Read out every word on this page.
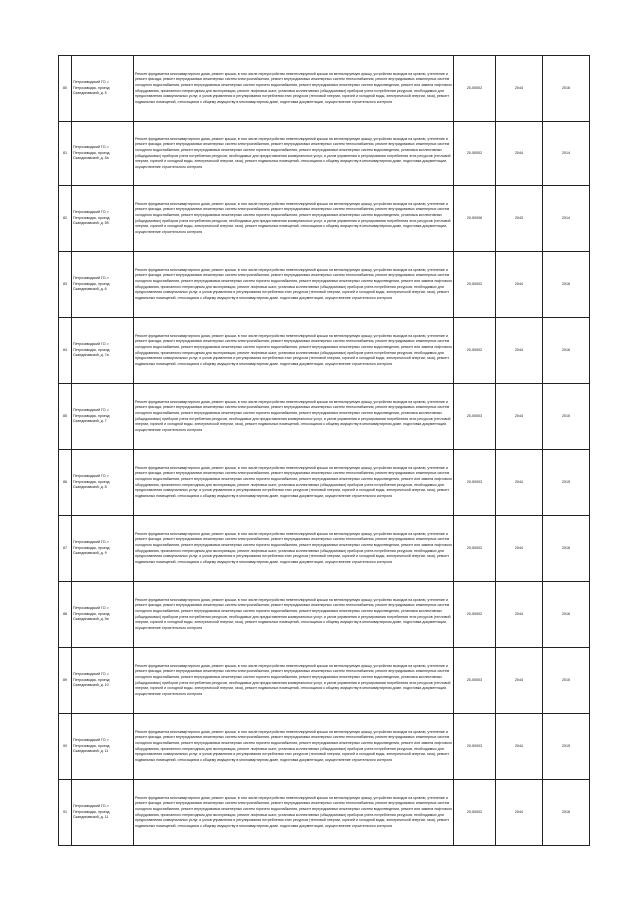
80	Петрозаводский ГО, г. Петрозаводск, проезд Скандинавский, д. 5	Ремонт фундамента многоквартирного дома, ремонт крыши, в том числе переустройство невентилируемой крыши на вентилируемую крышу, устройство выходов на кровлю, утепление и ремонт фасада, ремонт внутридомовых инженерных систем электроснабжения, ремонт внутридомовых инженерных систем теплоснабжения, ремонт внутридомовых инженерных систем холодного водоснабжения, ремонт внутридомовых инженерных систем горячего водоснабжения, ремонт внутридомовых инженерных систем водоотведения, ремонт или замена лифтового оборудования, признанного непригодным для эксплуатации, ремонт лифтовых шахт, установка коллективных (общедомовых) приборов учета потребления ресурсов, необходимых для предоставления коммунальных услуг, и узлов управления и регулирования потребления этих ресурсов (тепловой энергии, горячей и холодной воды, электрической энергии, газа), ремонт подвальных помещений, относящихся к общему имуществу в многоквартирном доме, подготовка документации, осуществление строительного контроля	20-50002	2044	2016
81	Петрозаводский ГО, г. Петрозаводск, проезд Скандинавский, д. 5а	Ремонт фундамента многоквартирного дома, ремонт крыши, в том числе переустройство невентилируемой крыши на вентилируемую крышу, устройство выходов на кровлю, утепление и ремонт фасада, ремонт внутридомовых инженерных систем электроснабжения, ремонт внутридомовых инженерных систем теплоснабжения, ремонт внутридомовых инженерных систем холодного водоснабжения, ремонт внутридомовых инженерных систем горячего водоснабжения, ремонт внутридомовых инженерных систем водоотведения, установка коллективных (общедомовых) приборов учета потребления ресурсов, необходимых для предоставления коммунальных услуг, и узлов управления и регулирования потребления этих ресурсов (тепловой энергии, горячей и холодной воды, электрической энергии, газа), ремонт подвальных помещений, относящихся к общему имуществу в многоквартирном доме, подготовка документации, осуществление строительного контроля	20-50002	2044	2014
82	Петрозаводский ГО, г. Петрозаводск, проезд Скандинавский, д. 5б	Ремонт фундамента многоквартирного дома, ремонт крыши, в том числе переустройство невентилируемой крыши на вентилируемую крышу, устройство выходов на кровлю, утепление и ремонт фасада, ремонт внутридомовых инженерных систем электроснабжения, ремонт внутридомовых инженерных систем теплоснабжения, ремонт внутридомовых инженерных систем холодного водоснабжения, ремонт внутридомовых инженерных систем горячего водоснабжения, ремонт внутридомовых инженерных систем водоотведения, установка коллективных (общедомовых) приборов учета потребления ресурсов, необходимых для предоставления коммунальных услуг, и узлов управления и регулирования потребления этих ресурсов (тепловой энергии, горячей и холодной воды, электрической энергии, газа), ремонт подвальных помещений, относящихся к общему имуществу в многоквартирном доме, подготовка документации, осуществление строительного контроля	20-50006	2043	2014
83	Петрозаводский ГО, г. Петрозаводск, проезд Скандинавский, д. 6	Ремонт фундамента многоквартирного дома, ремонт крыши, в том числе переустройство невентилируемой крыши на вентилируемую крышу, устройство выходов на кровлю, утепление и ремонт фасада, ремонт внутридомовых инженерных систем электроснабжения, ремонт внутридомовых инженерных систем теплоснабжения, ремонт внутридомовых инженерных систем холодного водоснабжения, ремонт внутридомовых инженерных систем горячего водоснабжения, ремонт внутридомовых инженерных систем водоотведения, ремонт или замена лифтового оборудования, признанного непригодным для эксплуатации, ремонт лифтовых шахт, установка коллективных (общедомовых) приборов учета потребления ресурсов, необходимых для предоставления коммунальных услуг, и узлов управления и регулирования потребления этих ресурсов (тепловой энергии, горячей и холодной воды, электрической энергии, газа), ремонт подвальных помещений, относящихся к общему имуществу в многоквартирном доме, подготовка документации, осуществление строительного контроля	20-50002	2044	2016
84	Петрозаводский ГО, г. Петрозаводск, проезд Скандинавский, д. 7а	Ремонт фундамента многоквартирного дома, ремонт крыши, в том числе переустройство невентилируемой крыши на вентилируемую крышу, устройство выходов на кровлю, утепление и ремонт фасада, ремонт внутридомовых инженерных систем электроснабжения, ремонт внутридомовых инженерных систем теплоснабжения, ремонт внутридомовых инженерных систем холодного водоснабжения, ремонт внутридомовых инженерных систем горячего водоснабжения, ремонт внутридомовых инженерных систем водоотведения, ремонт или замена лифтового оборудования, признанного непригодным для эксплуатации, ремонт лифтовых шахт, установка коллективных (общедомовых) приборов учета потребления ресурсов, необходимых для предоставления коммунальных услуг, и узлов управления и регулирования потребления этих ресурсов (тепловой энергии, горячей и холодной воды, электрической энергии, газа), ремонт подвальных помещений, относящихся к общему имуществу в многоквартирном доме, подготовка документации, осуществление строительного контроля	20-50002	2044	2016
85	Петрозаводский ГО, г. Петрозаводск, проезд Скандинавский, д. 7	Ремонт фундамента многоквартирного дома, ремонт крыши, в том числе переустройство невентилируемой крыши на вентилируемую крышу, устройство выходов на кровлю, утепление и ремонт фасада, ремонт внутридомовых инженерных систем электроснабжения, ремонт внутридомовых инженерных систем теплоснабжения, ремонт внутридомовых инженерных систем холодного водоснабжения, ремонт внутридомовых инженерных систем горячего водоснабжения, ремонт внутридомовых инженерных систем водоотведения, установка коллективных (общедомовых) приборов учета потребления ресурсов, необходимых для предоставления коммунальных услуг, и узлов управления и регулирования потребления этих ресурсов (тепловой энергии, горячей и холодной воды, электрической энергии, газа), ремонт подвальных помещений, относящихся к общему имуществу в многоквартирном доме, подготовка документации, осуществление строительного контроля	20-50003	2044	2015
86	Петрозаводский ГО, г. Петрозаводск, проезд Скандинавский, д. 8	Ремонт фундамента многоквартирного дома, ремонт крыши, в том числе переустройство невентилируемой крыши на вентилируемую крышу, устройство выходов на кровлю, утепление и ремонт фасада, ремонт внутридомовых инженерных систем электроснабжения, ремонт внутридомовых инженерных систем теплоснабжения, ремонт внутридомовых инженерных систем холодного водоснабжения, ремонт внутридомовых инженерных систем горячего водоснабжения, ремонт внутридомовых инженерных систем водоотведения, ремонт или замена лифтового оборудования, признанного непригодным для эксплуатации, ремонт лифтовых шахт, установка коллективных (общедомовых) приборов учета потребления ресурсов, необходимых для предоставления коммунальных услуг, и узлов управления и регулирования потребления этих ресурсов (тепловой энергии, горячей и холодной воды, электрической энергии, газа), ремонт подвальных помещений, относящихся к общему имуществу в многоквартирном доме, подготовка документации, осуществление строительного контроля	20-50003	2044	2015
87	Петрозаводский ГО, г. Петрозаводск, проезд Скандинавский, д. 9	Ремонт фундамента многоквартирного дома, ремонт крыши, в том числе переустройство невентилируемой крыши на вентилируемую крышу, устройство выходов на кровлю, утепление и ремонт фасада, ремонт внутридомовых инженерных систем электроснабжения, ремонт внутридомовых инженерных систем теплоснабжения, ремонт внутридомовых инженерных систем холодного водоснабжения, ремонт внутридомовых инженерных систем горячего водоснабжения, ремонт внутридомовых инженерных систем водоотведения, ремонт или замена лифтового оборудования, признанного непригодным для эксплуатации, ремонт лифтовых шахт, установка коллективных (общедомовых) приборов учета потребления ресурсов, необходимых для предоставления коммунальных услуг, и узлов управления и регулирования потребления этих ресурсов (тепловой энергии, горячей и холодной воды, электрической энергии, газа), ремонт подвальных помещений, относящихся к общему имуществу в многоквартирном доме, подготовка документации, осуществление строительного контроля	20-50002	2044	2016
88	Петрозаводский ГО, г. Петрозаводск, проезд Скандинавский, д. 9а	Ремонт фундамента многоквартирного дома, ремонт крыши, в том числе переустройство невентилируемой крыши на вентилируемую крышу, устройство выходов на кровлю, утепление и ремонт фасада, ремонт внутридомовых инженерных систем электроснабжения, ремонт внутридомовых инженерных систем теплоснабжения, ремонт внутридомовых инженерных систем холодного водоснабжения, ремонт внутридомовых инженерных систем горячего водоснабжения, ремонт внутридомовых инженерных систем водоотведения, установка коллективных (общедомовых) приборов учета потребления ресурсов, необходимых для предоставления коммунальных услуг, и узлов управления и регулирования потребления этих ресурсов (тепловой энергии, горячей и холодной воды, электрической энергии, газа), ремонт подвальных помещений, относящихся к общему имуществу в многоквартирном доме, подготовка документации, осуществление строительного контроля	20-50002	2044	2016
89	Петрозаводский ГО, г. Петрозаводск, проезд Скандинавский, д. 10	Ремонт фундамента многоквартирного дома, ремонт крыши, в том числе переустройство невентилируемой крыши на вентилируемую крышу, устройство выходов на кровлю, утепление и ремонт фасада, ремонт внутридомовых инженерных систем электроснабжения, ремонт внутридомовых инженерных систем теплоснабжения, ремонт внутридомовых инженерных систем холодного водоснабжения, ремонт внутридомовых инженерных систем горячего водоснабжения, ремонт внутридомовых инженерных систем водоотведения, установка коллективных (общедомовых) приборов учета потребления ресурсов, необходимых для предоставления коммунальных услуг, и узлов управления и регулирования потребления этих ресурсов (тепловой энергии, горячей и холодной воды, электрической энергии, газа), ремонт подвальных помещений, относящихся к общему имуществу в многоквартирном доме, подготовка документации, осуществление строительного контроля	20-50003	2044	2015
90	Петрозаводский ГО, г. Петрозаводск, проезд Скандинавский, д. 11	Ремонт фундамента многоквартирного дома, ремонт крыши, в том числе переустройство невентилируемой крыши на вентилируемую крышу, устройство выходов на кровлю, утепление и ремонт фасада, ремонт внутридомовых инженерных систем электроснабжения, ремонт внутридомовых инженерных систем теплоснабжения, ремонт внутридомовых инженерных систем холодного водоснабжения, ремонт внутридомовых инженерных систем горячего водоснабжения, ремонт внутридомовых инженерных систем водоотведения, ремонт или замена лифтового оборудования, признанного непригодным для эксплуатации, ремонт лифтовых шахт, установка коллективных (общедомовых) приборов учета потребления ресурсов, необходимых для предоставления коммунальных услуг, и узлов управления и регулирования потребления этих ресурсов (тепловой энергии, горячей и холодной воды, электрической энергии, газа), ремонт подвальных помещений, относящихся к общему имуществу в многоквартирном доме, подготовка документации, осуществление строительного контроля	20-50003	2044	2015
91	Петрозаводский ГО, г. Петрозаводск, проезд Скандинавский, д. 11	Ремонт фундамента многоквартирного дома, ремонт крыши, в том числе переустройство невентилируемой крыши на вентилируемую крышу, устройство выходов на кровлю, утепление и ремонт фасада, ремонт внутридомовых инженерных систем электроснабжения, ремонт внутридомовых инженерных систем теплоснабжения, ремонт внутридомовых инженерных систем холодного водоснабжения, ремонт внутридомовых инженерных систем горячего водоснабжения, ремонт внутридомовых инженерных систем водоотведения, ремонт или замена лифтового оборудования, признанного непригодным для эксплуатации, ремонт лифтовых шахт, установка коллективных (общедомовых) приборов учета потребления ресурсов, необходимых для предоставления коммунальных услуг, и узлов управления и регулирования потребления этих ресурсов (тепловой энергии, горячей и холодной воды, электрической энергии, газа), ремонт подвальных помещений, относящихся к общему имуществу в многоквартирном доме, подготовка документации, осуществление строительного контроля	20-50002	2044	2016
